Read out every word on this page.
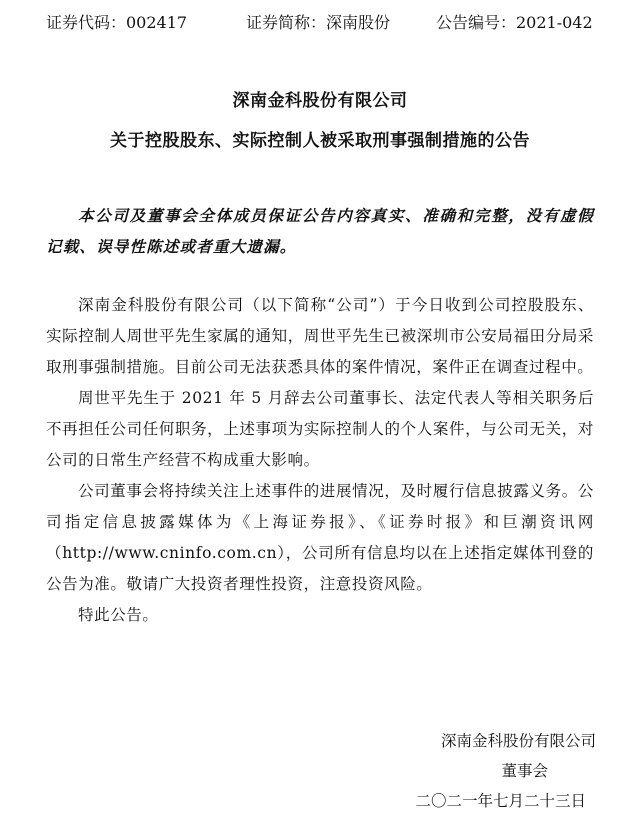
证券代码：002417	证券简称：深南股份	公告编号：2021-042
深南金科股份有限公司
关于控股股东、实际控制人被采取刑事强制措施的公告
本公司及董事会全体成员保证公告内容真实、准确和完整，没有虚假记载、误导性陈述或者重大遗漏。

深南金科股份有限公司（以下简称“公司”）于今日收到公司控股股东、实际控制人周世平先生家属的通知，周世平先生已被深圳市公安局福田分局采取刑事强制措施。目前公司无法获悉具体的案件情况，案件正在调查过程中。

周世平先生于 2021 年 5 月辞去公司董事长、法定代表人等相关职务后不再担任公司任何职务，上述事项为实际控制人的个人案件，与公司无关，对公司的日常生产经营不构成重大影响。

公司董事会将持续关注上述事件的进展情况，及时履行信息披露义务。公司指定信息披露媒体为《上海证券报》、《证券时报》和巨潮资讯网（http://www.cninfo.com.cn），公司所有信息均以在上述指定媒体刊登的公告为准。敬请广大投资者理性投资，注意投资风险。

特此公告。

深南金科股份有限公司
董事会
二〇二一年七月二十三日
